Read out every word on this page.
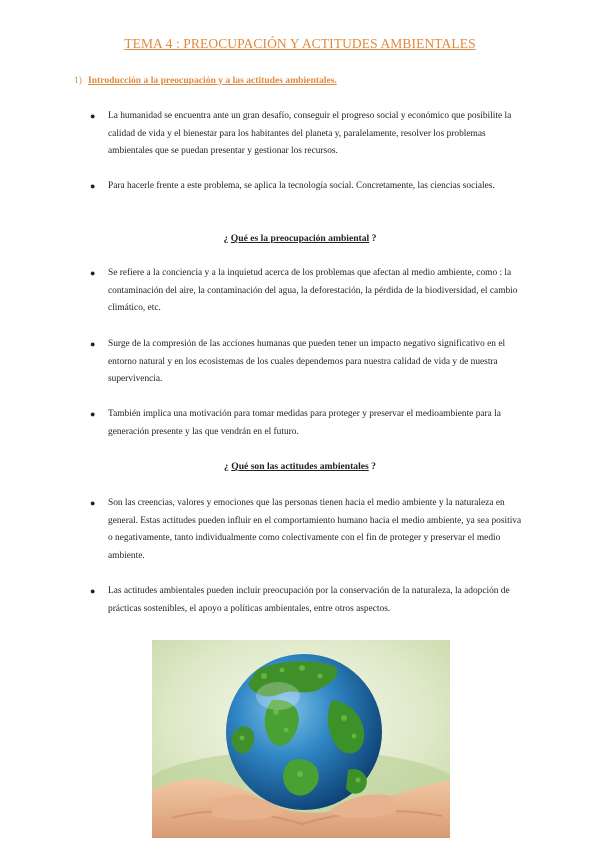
TEMA 4 : PREOCUPACIÓN Y ACTITUDES AMBIENTALES
1) Introducción a la preocupación y a las actitudes ambientales.
● La humanidad se encuentra ante un gran desafío, conseguir el progreso social y económico que posibilite la calidad de vida y el bienestar para los habitantes del planeta y, paralelamente, resolver los problemas ambientales que se puedan presentar y gestionar los recursos.
● Para hacerle frente a este problema, se aplica la tecnología social. Concretamente, las ciencias sociales.
¿ Qué es la preocupación ambiental ?
● Se refiere a la conciencia y a la inquietud acerca de los problemas que afectan al medio ambiente, como : la contaminación del aire, la contaminación del agua, la deforestación, la pérdida de la biodiversidad, el cambio climático, etc.
● Surge de la compresión de las acciones humanas que pueden tener un impacto negativo significativo en el entorno natural y en los ecosistemas de los cuales dependemos para nuestra calidad de vida y de nuestra supervivencia.
● También implica una motivación para tomar medidas para proteger y preservar el medioambiente para la generación presente y las que vendrán en el futuro.
¿ Qué son las actitudes ambientales ?
● Son las creencias, valores y emociones que las personas tienen hacia el medio ambiente y la naturaleza en general. Estas actitudes pueden influir en el comportamiento humano hacia el medio ambiente, ya sea positiva o negativamente, tanto individualmente como colectivamente con el fin de proteger y preservar el medio ambiente.
● Las actitudes ambientales pueden incluir preocupación por la conservación de la naturaleza, la adopción de prácticas sostenibles, el apoyo a políticas ambientales, entre otros aspectos.
